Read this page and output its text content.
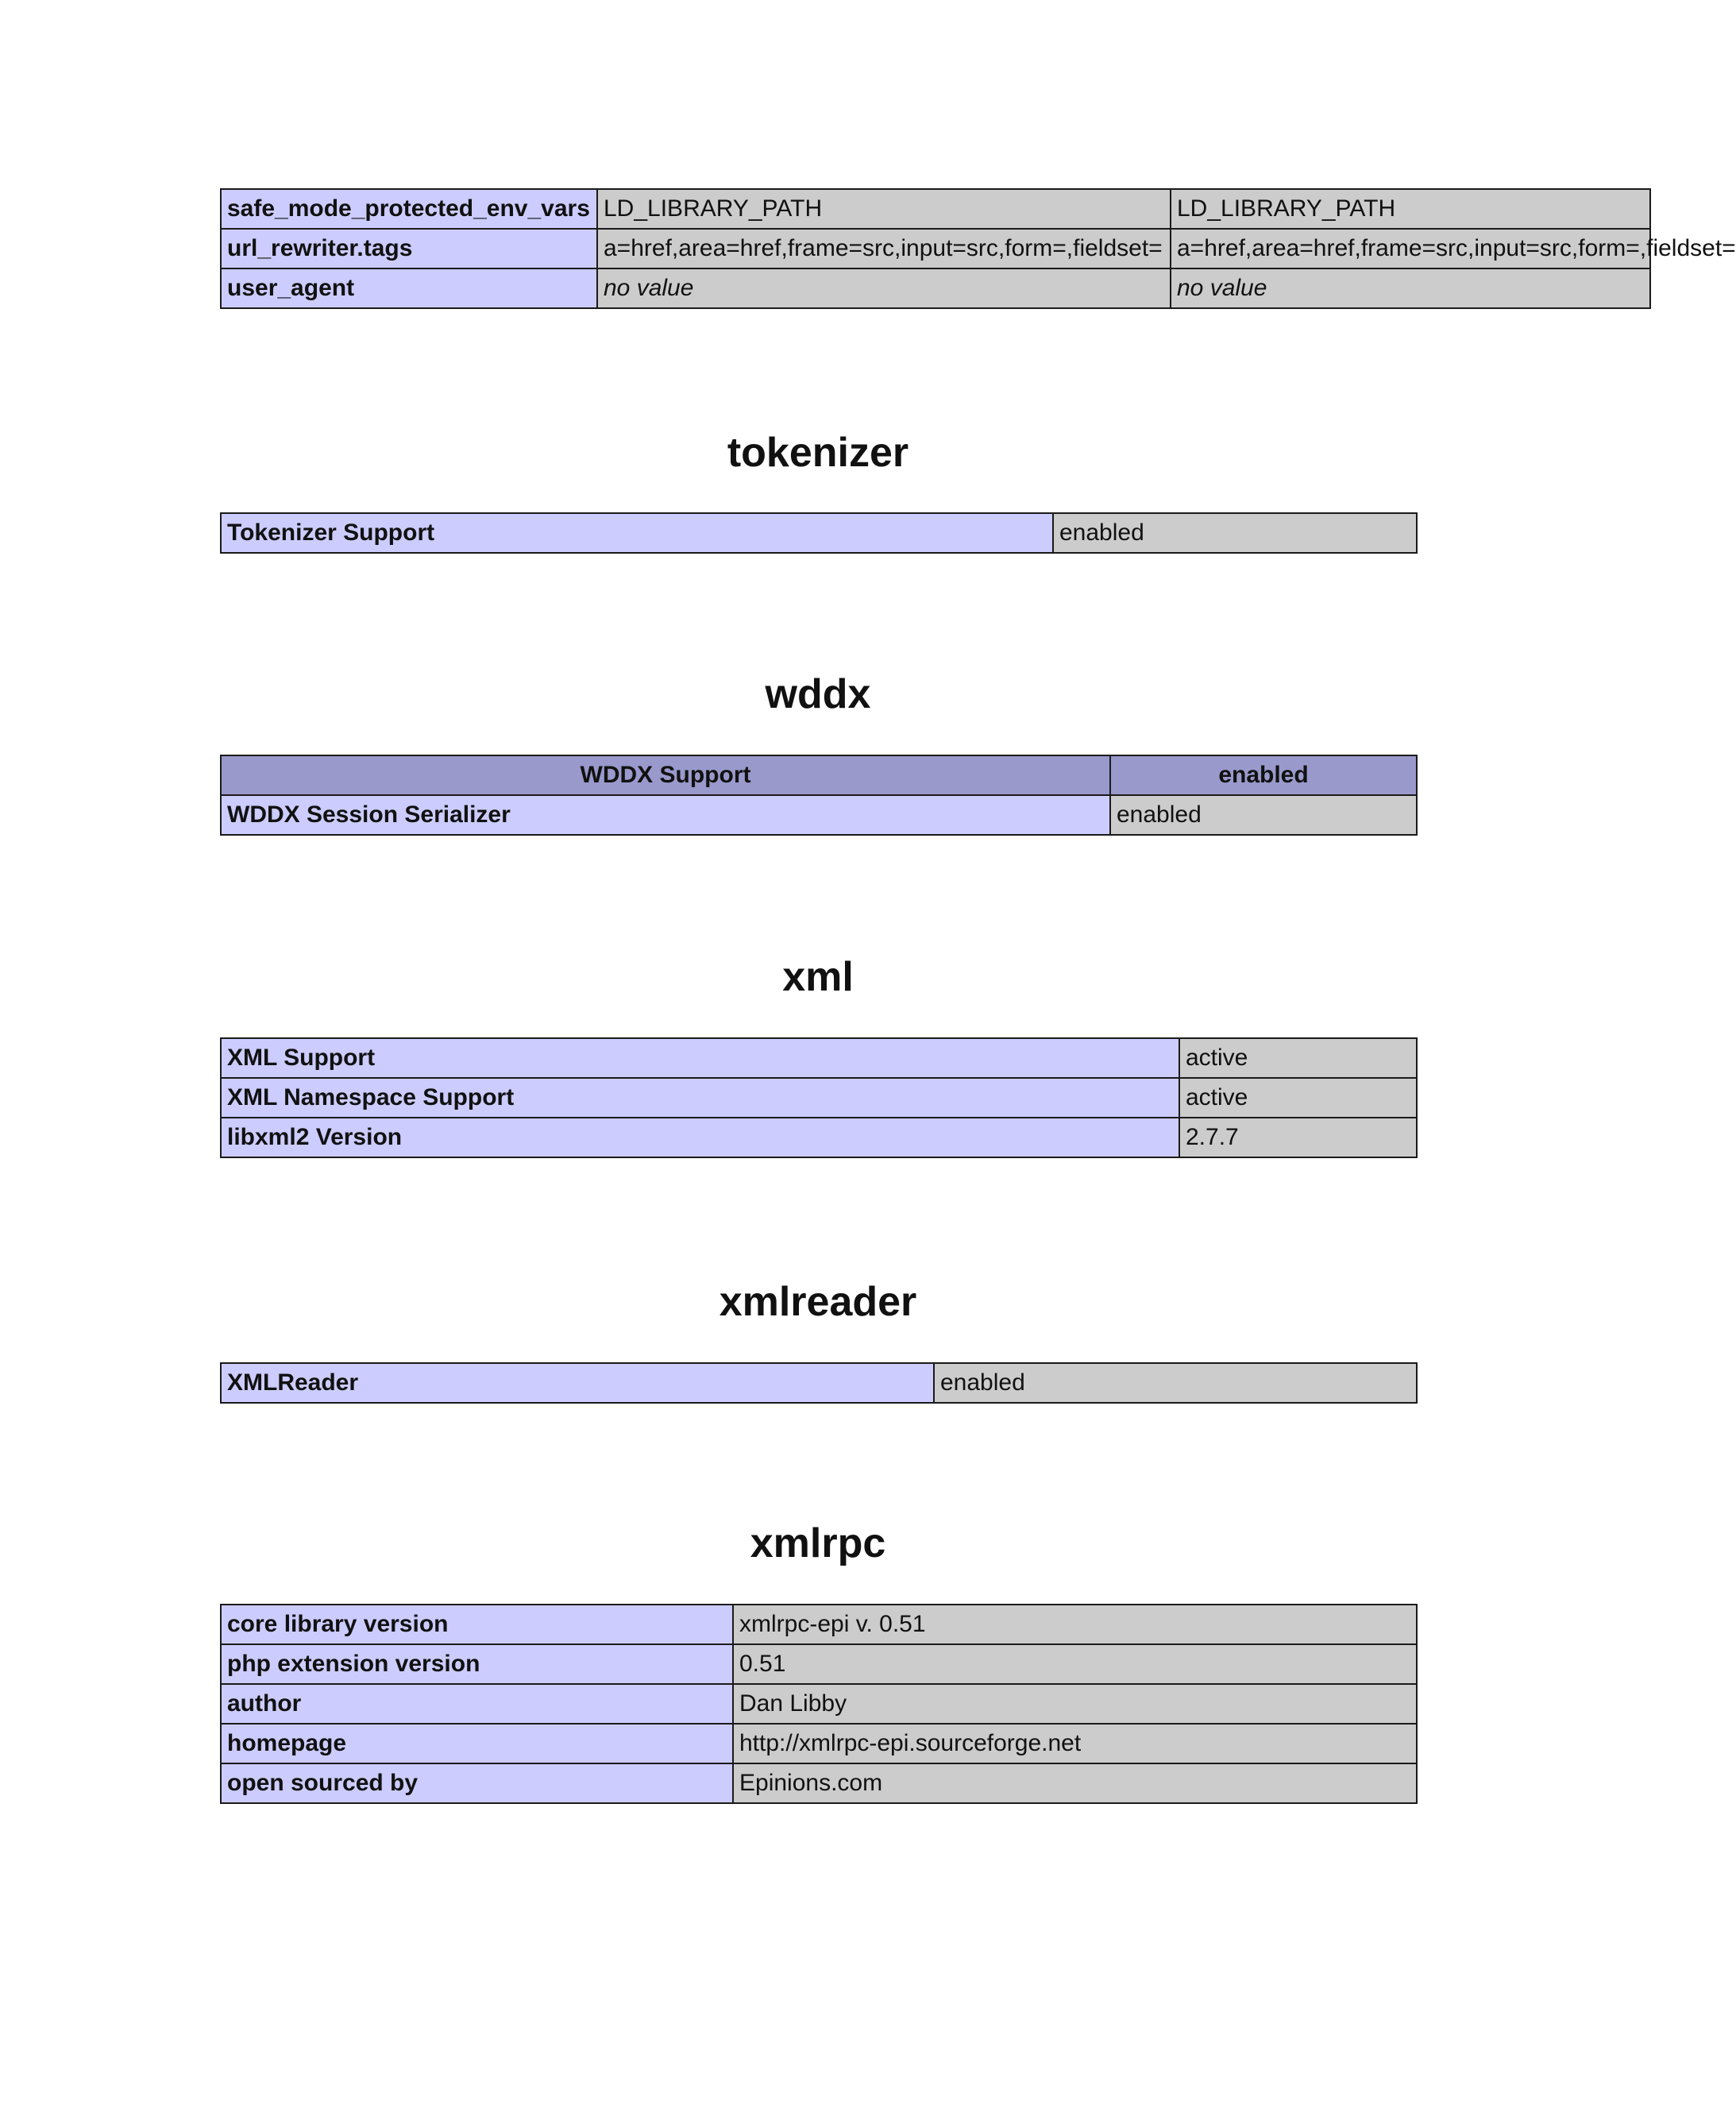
safe_mode_protected_env_vars	LD_LIBRARY_PATH	LD_LIBRARY_PATH
url_rewriter.tags	a=href,area=href,frame=src,input=src,form=,fieldset=	a=href,area=href,frame=src,input=src,form=,fieldset=
user_agent	no value	no value
tokenizer
Tokenizer Support	enabled
wddx
WDDX Support	enabled
WDDX Session Serializer	enabled
xml
XML Support	active
XML Namespace Support	active
libxml2 Version	2.7.7
xmlreader
XMLReader	enabled
xmlrpc
core library version	xmlrpc-epi v. 0.51
php extension version	0.51
author	Dan Libby
homepage	http://xmlrpc-epi.sourceforge.net
open sourced by	Epinions.com
